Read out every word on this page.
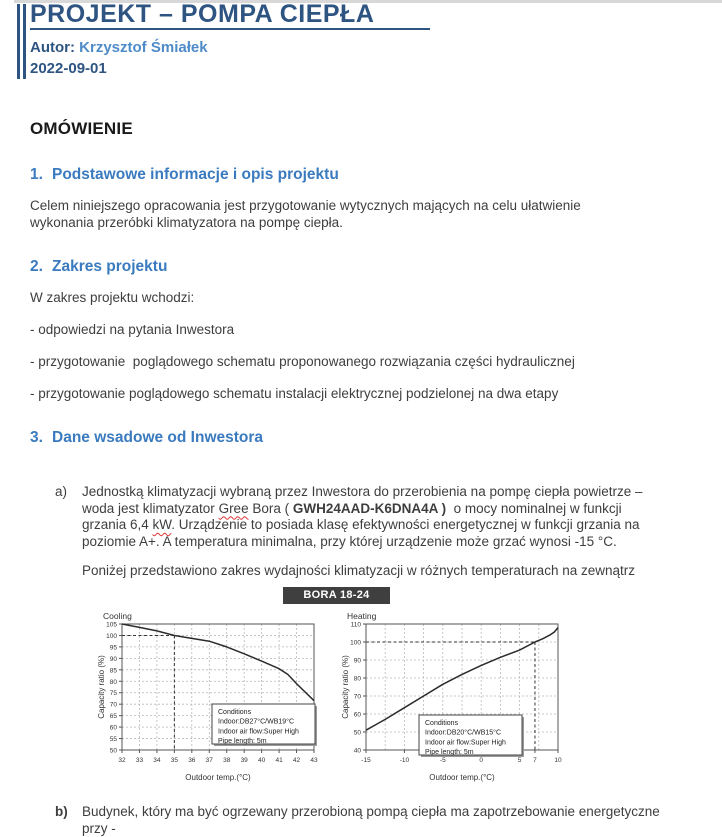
PROJEKT – POMPA CIEPŁA
Autor: Krzysztof Śmiałek
2022-09-01
OMÓWIENIE
1. Podstawowe informacje i opis projektu

Celem niniejszego opracowania jest przygotowanie wytycznych mających na celu ułatwienie wykonania przeróbki klimatyzatora na pompę ciepła.

2. Zakres projektu

W zakres projektu wchodzi:

- odpowiedzi na pytania Inwestora

- przygotowanie  poglądowego schematu proponowanego rozwiązania części hydraulicznej

- przygotowanie poglądowego schematu instalacji elektrycznej podzielonej na dwa etapy

3. Dane wsadowe od Inwestora
a)	Jednostką klimatyzacji wybraną przez Inwestora do przerobienia na pompę ciepła powietrze – woda jest klimatyzator Gree Bora ( GWH24AAD-K6DNA4A )  o mocy nominalnej w funkcji grzania 6,4 kW. Urządzenie to posiada klasę efektywności energetycznej w funkcji grzania na poziomie A+. A temperatura minimalna, przy której urządzenie może grzać wynosi -15 °C.

Poniżej przedstawiono zakres wydajności klimatyzacji w różnych temperaturach na zewnątrz

BORA 18-24
32 33 34 35 36 37 38 39 40 41 42 43
50
55
60
65
70
75
80
85
90
95
100
105
Conditions
Indoor:DB27°C/WB19°C
Indoor air flow:Super High
Pipe length: 5m
Outdoor temp.(°C)
Capacity ratio (%)
Cooling
-15	-10	-5	0	5 7	10
40
50
60
70
80
90
100
110
Conditions
Indoor:DB20°C/WB15°C
Indoor air flow:Super High
Pipe length: 5m
Outdoor temp.(°C)
Capacity ratio (%)
Heating
b)	Budynek, który ma być ogrzewany przerobioną pompą ciepła ma zapotrzebowanie energetyczne przy -
